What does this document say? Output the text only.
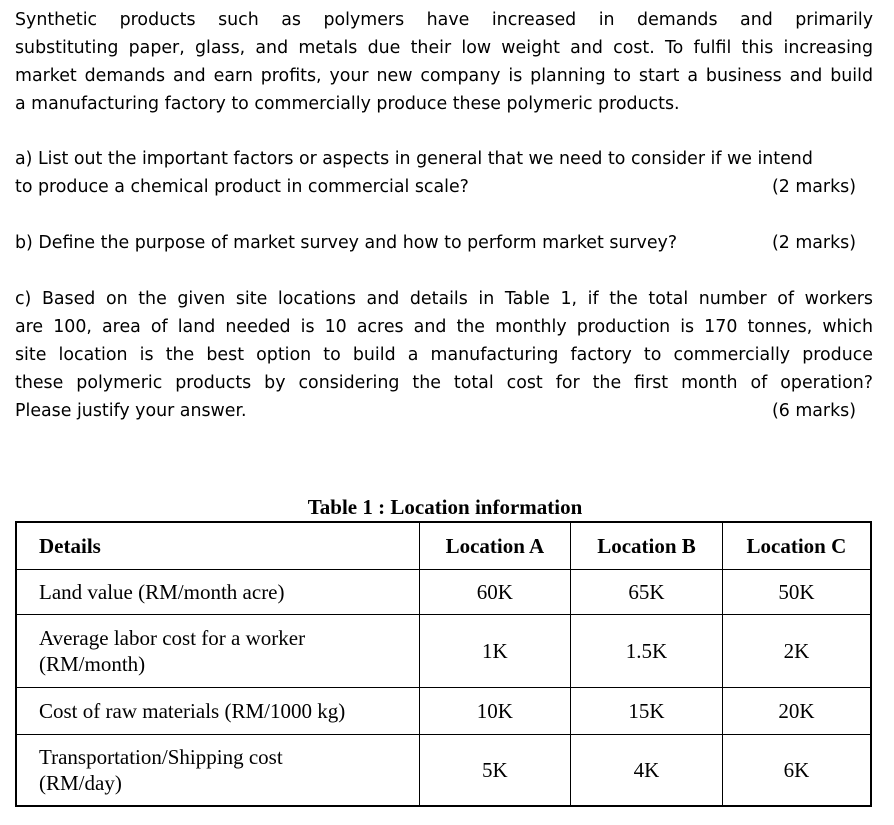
Synthetic products such as polymers have increased in demands and primarily
substituting paper, glass, and metals due their low weight and cost. To fulfil this increasing
market demands and earn profits, your new company is planning to start a business and build
a manufacturing factory to commercially produce these polymeric products.
a) List out the important factors or aspects in general that we need to consider if we intend
to produce a chemical product in commercial scale?	(2 marks)
b) Define the purpose of market survey and how to perform market survey?	(2 marks)
c) Based on the given site locations and details in Table 1, if the total number of workers
are 100, area of land needed is 10 acres and the monthly production is 170 tonnes, which
site location is the best option to build a manufacturing factory to commercially produce
these polymeric products by considering the total cost for the first month of operation?
Please justify your answer.	(6 marks)
Table 1 : Location information
Details	Location A	Location B	Location C

Land value (RM/month acre)	60K	65K	50K

Average labor cost for a worker
(RM/month)	1K	1.5K	2K

Cost of raw materials (RM/1000 kg)	10K	15K	20K

Transportation/Shipping cost
(RM/day)	5K	4K	6K
